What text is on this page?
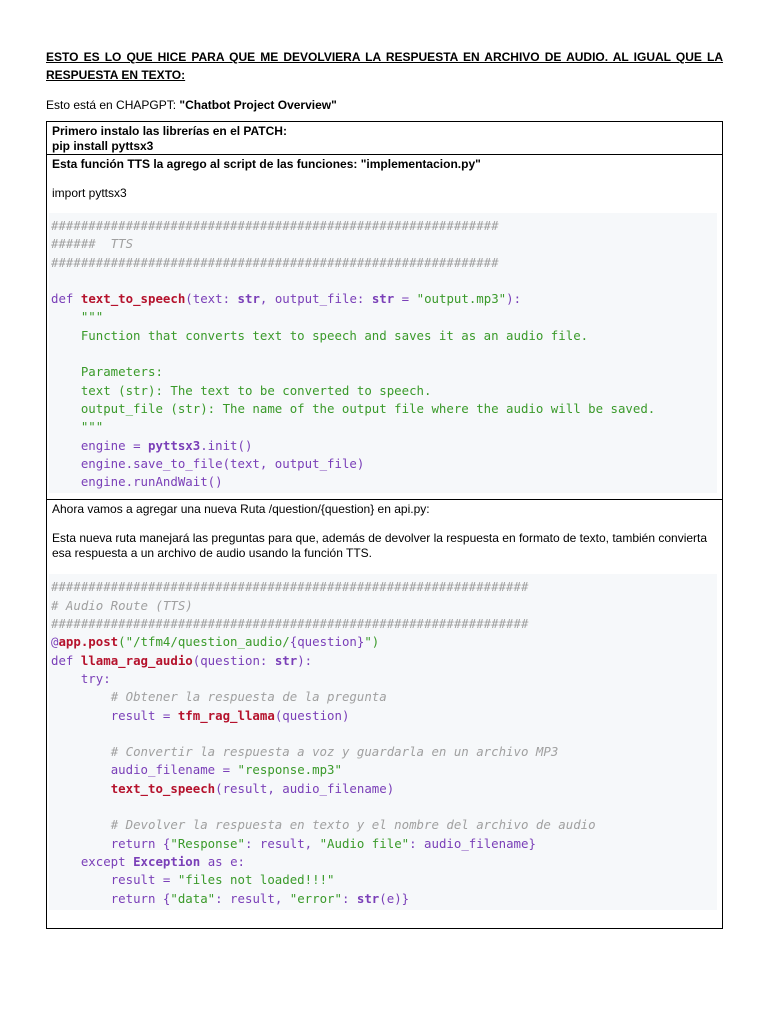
ESTO ES LO QUE HICE PARA QUE ME DEVOLVIERA LA RESPUESTA EN ARCHIVO DE AUDIO. AL IGUAL QUE LA RESPUESTA EN TEXTO:

Esto está en CHAPGPT: "Chatbot Project Overview"
Primero instalo las librerías en el PATCH:
pip install pyttsx3

Esta función TTS la agrego al script de las funciones: "implementacion.py"
import pyttsx3
############################################################
######  TTS
############################################################

def text_to_speech(text: str, output_file: str = "output.mp3"):
"""
Function that converts text to speech and saves it as an audio file.

Parameters:
text (str): The text to be converted to speech.
output_file (str): The name of the output file where the audio will be saved.
"""
engine = pyttsx3.init()
engine.save_to_file(text, output_file)
engine.runAndWait()

Ahora vamos a agregar una nueva Ruta /question/{question} en api.py:
Esta nueva ruta manejará las preguntas para que, además de devolver la respuesta en formato de texto, también convierta esa respuesta a un archivo de audio usando la función TTS.
################################################################
# Audio Route (TTS)
################################################################
@app.post("/tfm4/question_audio/{question}")
def llama_rag_audio(question: str):
try:
# Obtener la respuesta de la pregunta
result = tfm_rag_llama(question)

# Convertir la respuesta a voz y guardarla en un archivo MP3
audio_filename = "response.mp3"
text_to_speech(result, audio_filename)

# Devolver la respuesta en texto y el nombre del archivo de audio
return {"Response": result, "Audio file": audio_filename}
except Exception as e:
result = "files not loaded!!!"
return {"data": result, "error": str(e)}
